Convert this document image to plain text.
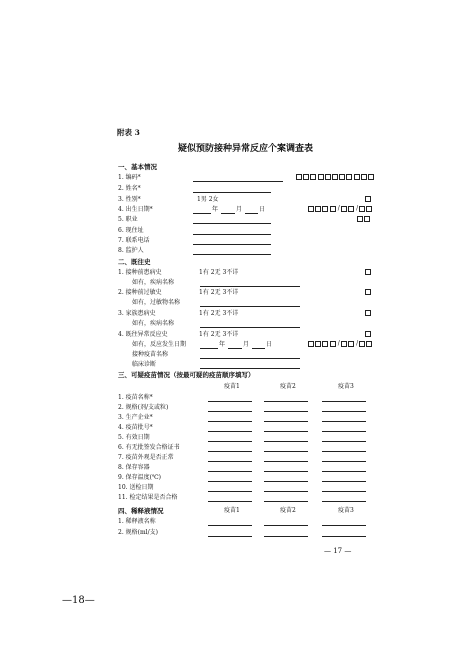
附表 3
疑似预防接种异常反应个案调查表
一、基本情况
1. 编码*
2. 姓名*
3. 性别*	1男 2女
4. 出生日期*	年	月	日	/	/
5. 职业
6. 现住址
7. 联系电话
8. 监护人
二、既往史
1. 接种前患病史	1有 2无 3不详
如有，疾病名称
2. 接种前过敏史	1有 2无 3不详
如有，过敏物名称
3. 家族患病史	1有 2无 3不详
如有，疾病名称
4. 既往异常反应史	1有 2无 3不详
如有，反应发生日期	年	月	日	/	/
接种疫苗名称
临床诊断
三、可疑疫苗情况（按最可疑的疫苗顺序填写）
疫苗1	疫苗2	疫苗3
1. 疫苗名称*
2. 规格(剂/支或粒)
3. 生产企业*
4. 疫苗批号*
5. 有效日期
6. 有无批签发合格证书
7. 疫苗外观是否正常
8. 保存容器
9. 保存温度(℃)
10. 送检日期
11. 检定结果是否合格
四、稀释液情况	疫苗1	疫苗2	疫苗3
1. 稀释液名称
2. 规格(ml/支)
— 17 —
—18—
